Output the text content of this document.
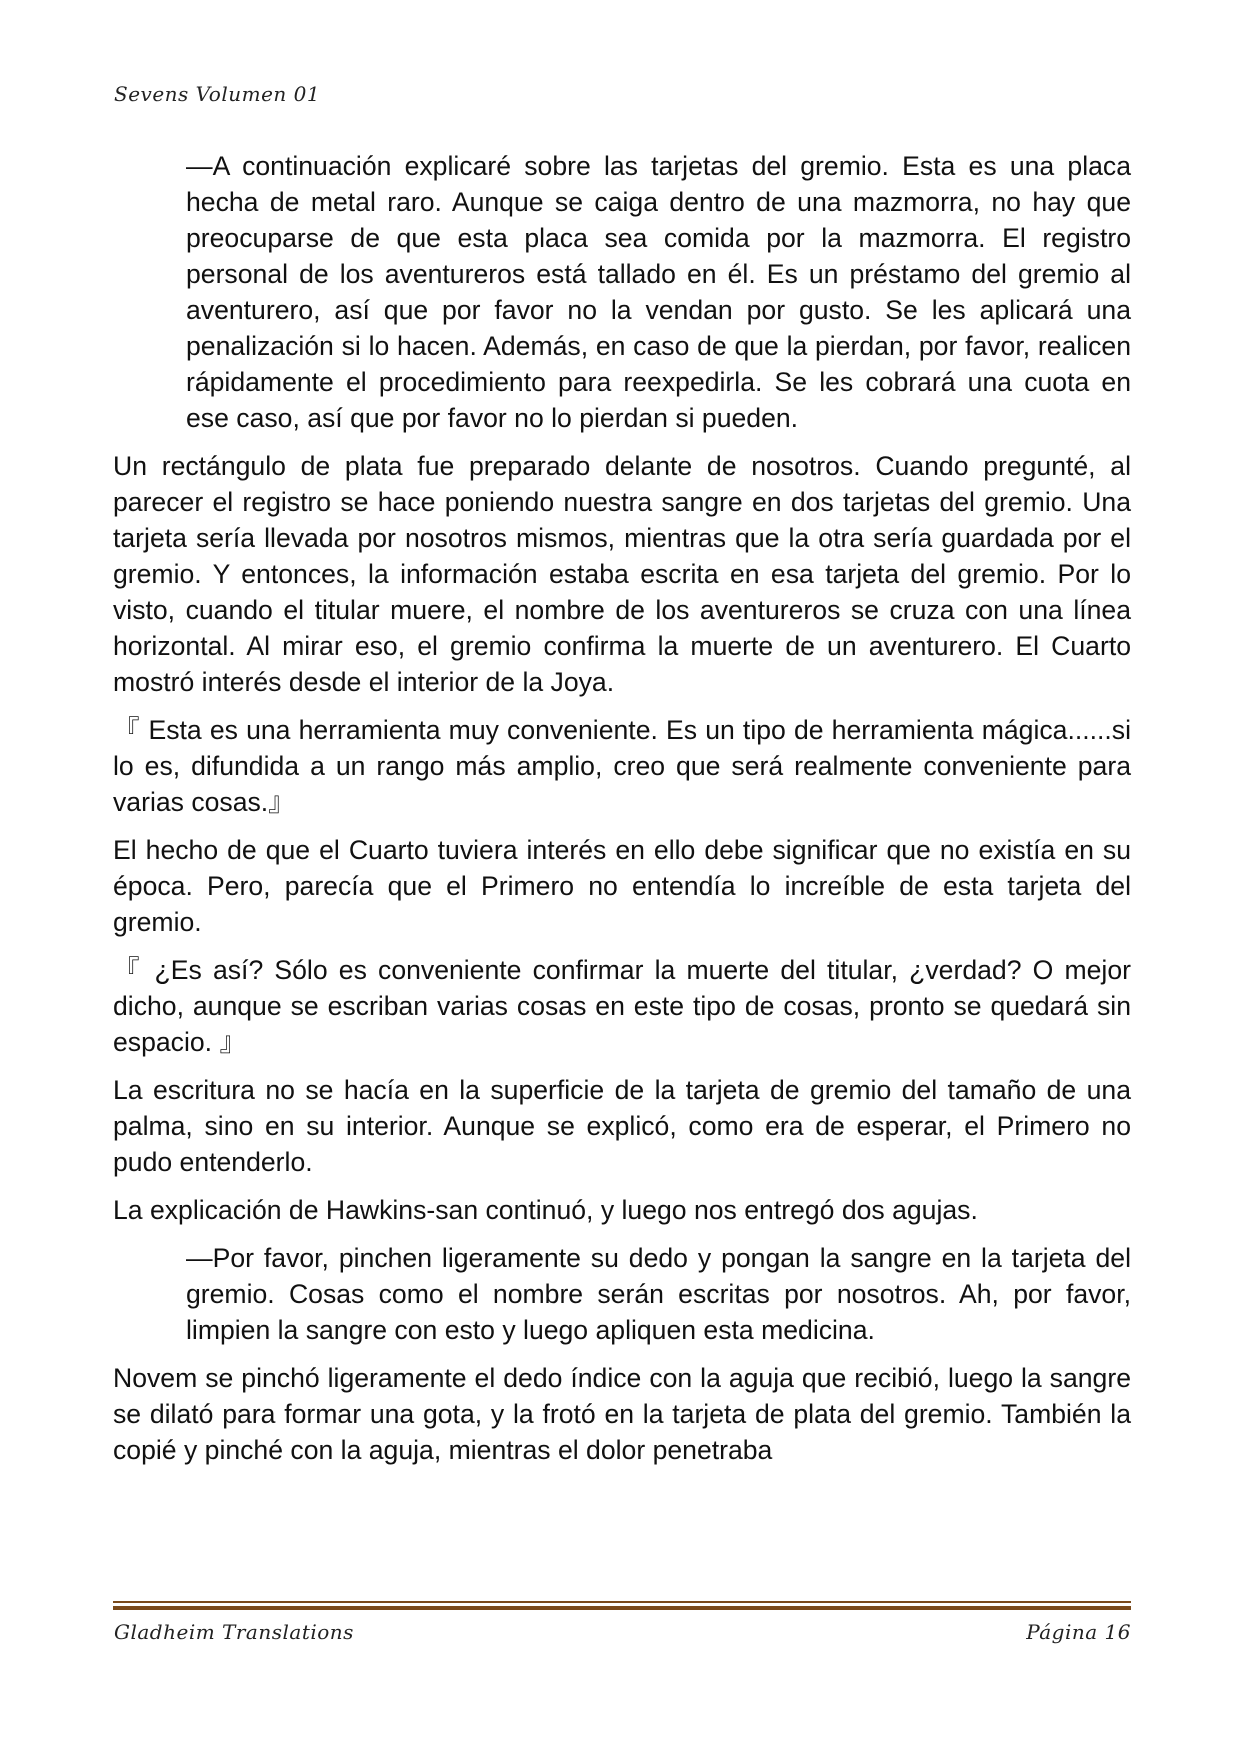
Sevens Volumen 01

—A continuación explicaré sobre las tarjetas del gremio. Esta es una placa hecha de metal raro. Aunque se caiga dentro de una mazmorra, no hay que preocuparse de que esta placa sea comida por la mazmorra. El registro personal de los aventureros está tallado en él. Es un préstamo del gremio al aventurero, así que por favor no la vendan por gusto. Se les aplicará una penalización si lo hacen. Además, en caso de que la pierdan, por favor, realicen rápidamente el procedimiento para reexpedirla. Se les cobrará una cuota en ese caso, así que por favor no lo pierdan si pueden.

Un rectángulo de plata fue preparado delante de nosotros. Cuando pregunté, al parecer el registro se hace poniendo nuestra sangre en dos tarjetas del gremio. Una tarjeta sería llevada por nosotros mismos, mientras que la otra sería guardada por el gremio. Y entonces, la información estaba escrita en esa tarjeta del gremio. Por lo visto, cuando el titular muere, el nombre de los aventureros se cruza con una línea horizontal. Al mirar eso, el gremio confirma la muerte de un aventurero. El Cuarto mostró interés desde el interior de la Joya.

『 Esta es una herramienta muy conveniente. Es un tipo de herramienta mágica......si lo es, difundida a un rango más amplio, creo que será realmente conveniente para varias cosas.』

El hecho de que el Cuarto tuviera interés en ello debe significar que no existía en su época. Pero, parecía que el Primero no entendía lo increíble de esta tarjeta del gremio.

『 ¿Es así? Sólo es conveniente confirmar la muerte del titular, ¿verdad? O mejor dicho, aunque se escriban varias cosas en este tipo de cosas, pronto se quedará sin espacio. 』

La escritura no se hacía en la superficie de la tarjeta de gremio del tamaño de una palma, sino en su interior. Aunque se explicó, como era de esperar, el Primero no pudo entenderlo.

La explicación de Hawkins-san continuó, y luego nos entregó dos agujas.

—Por favor, pinchen ligeramente su dedo y pongan la sangre en la tarjeta del gremio. Cosas como el nombre serán escritas por nosotros. Ah, por favor, limpien la sangre con esto y luego apliquen esta medicina.

Novem se pinchó ligeramente el dedo índice con la aguja que recibió, luego la sangre se dilató para formar una gota, y la frotó en la tarjeta de plata del gremio. También la copié y pinché con la aguja, mientras el dolor penetraba

Gladheim Translations	Página 16
